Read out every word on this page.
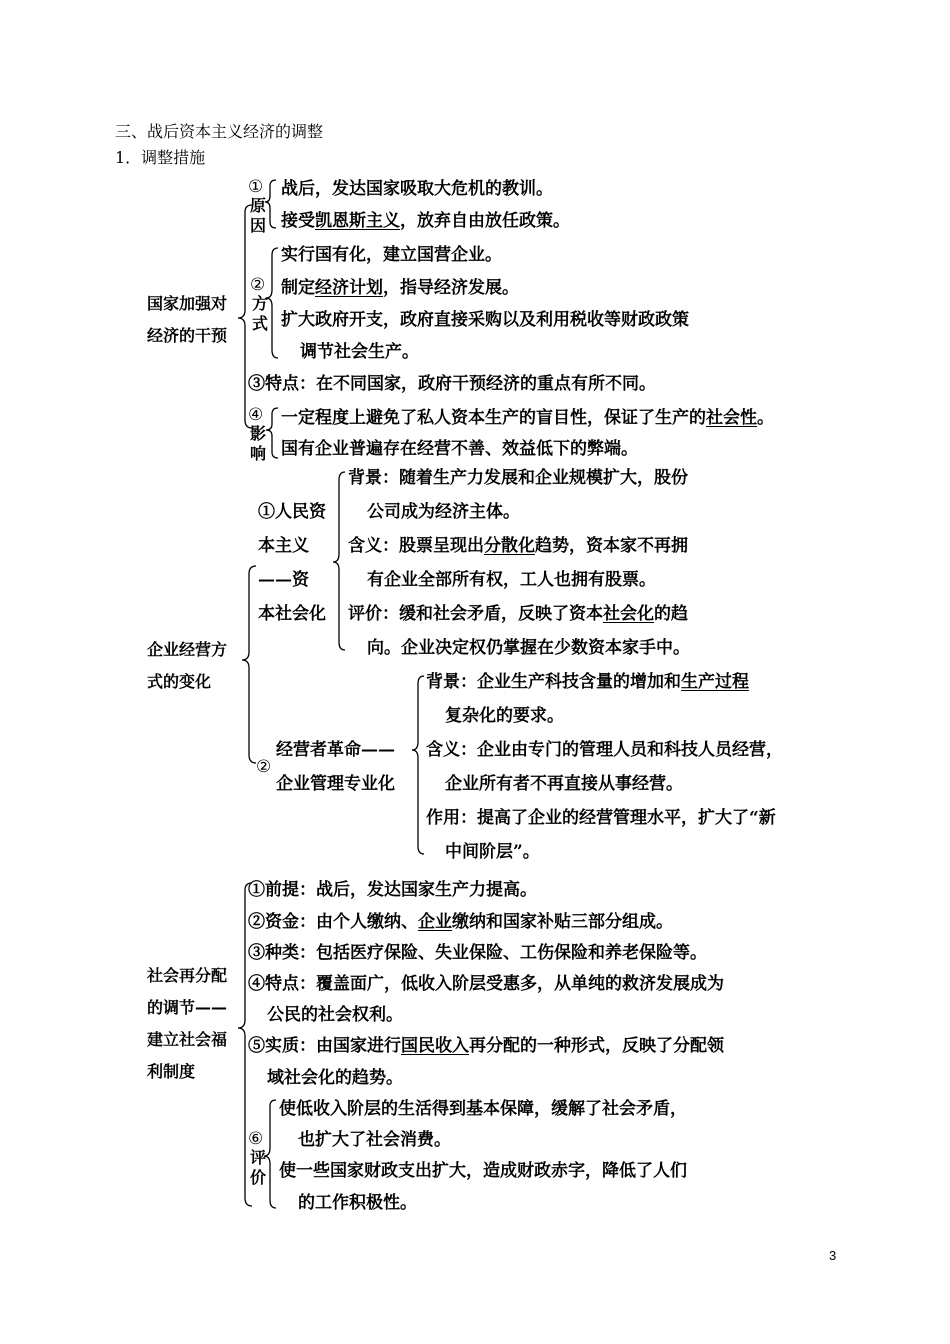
三、战后资本主义经济的调整
1．调整措施
国家加强对
经济的干预
①
原因
战后，发达国家吸取大危机的教训。
接受凯恩斯主义，放弃自由放任政策。
②
方式
实行国有化，建立国营企业。
制定经济计划，指导经济发展。
扩大政府开支，政府直接采购以及利用税收等财政政策
调节社会生产。
③特点：在不同国家，政府干预经济的重点有所不同。
④
影响
一定程度上避免了私人资本生产的盲目性，保证了生产的社会性。
国有企业普遍存在经营不善、效益低下的弊端。
企业经营方
式的变化
①人民资
本主义
——资
本社会化
背景：随着生产力发展和企业规模扩大，股份
公司成为经济主体。
含义：股票呈现出分散化趋势，资本家不再拥
有企业全部所有权，工人也拥有股票。
评价：缓和社会矛盾，反映了资本社会化的趋
向。企业决定权仍掌握在少数资本家手中。
经营者革命——
②
企业管理专业化
背景：企业生产科技含量的增加和生产过程
复杂化的要求。
含义：企业由专门的管理人员和科技人员经营，
企业所有者不再直接从事经营。
作用：提高了企业的经营管理水平，扩大了“新
中间阶层”。
社会再分配
的调节——
建立社会福
利制度
①前提：战后，发达国家生产力提高。
②资金：由个人缴纳、企业缴纳和国家补贴三部分组成。
③种类：包括医疗保险、失业保险、工伤保险和养老保险等。
④特点：覆盖面广，低收入阶层受惠多，从单纯的救济发展成为
公民的社会权利。
⑤实质：由国家进行国民收入再分配的一种形式，反映了分配领
域社会化的趋势。
⑥
评价
使低收入阶层的生活得到基本保障，缓解了社会矛盾，
也扩大了社会消费。
使一些国家财政支出扩大，造成财政赤字，降低了人们
的工作积极性。
3
